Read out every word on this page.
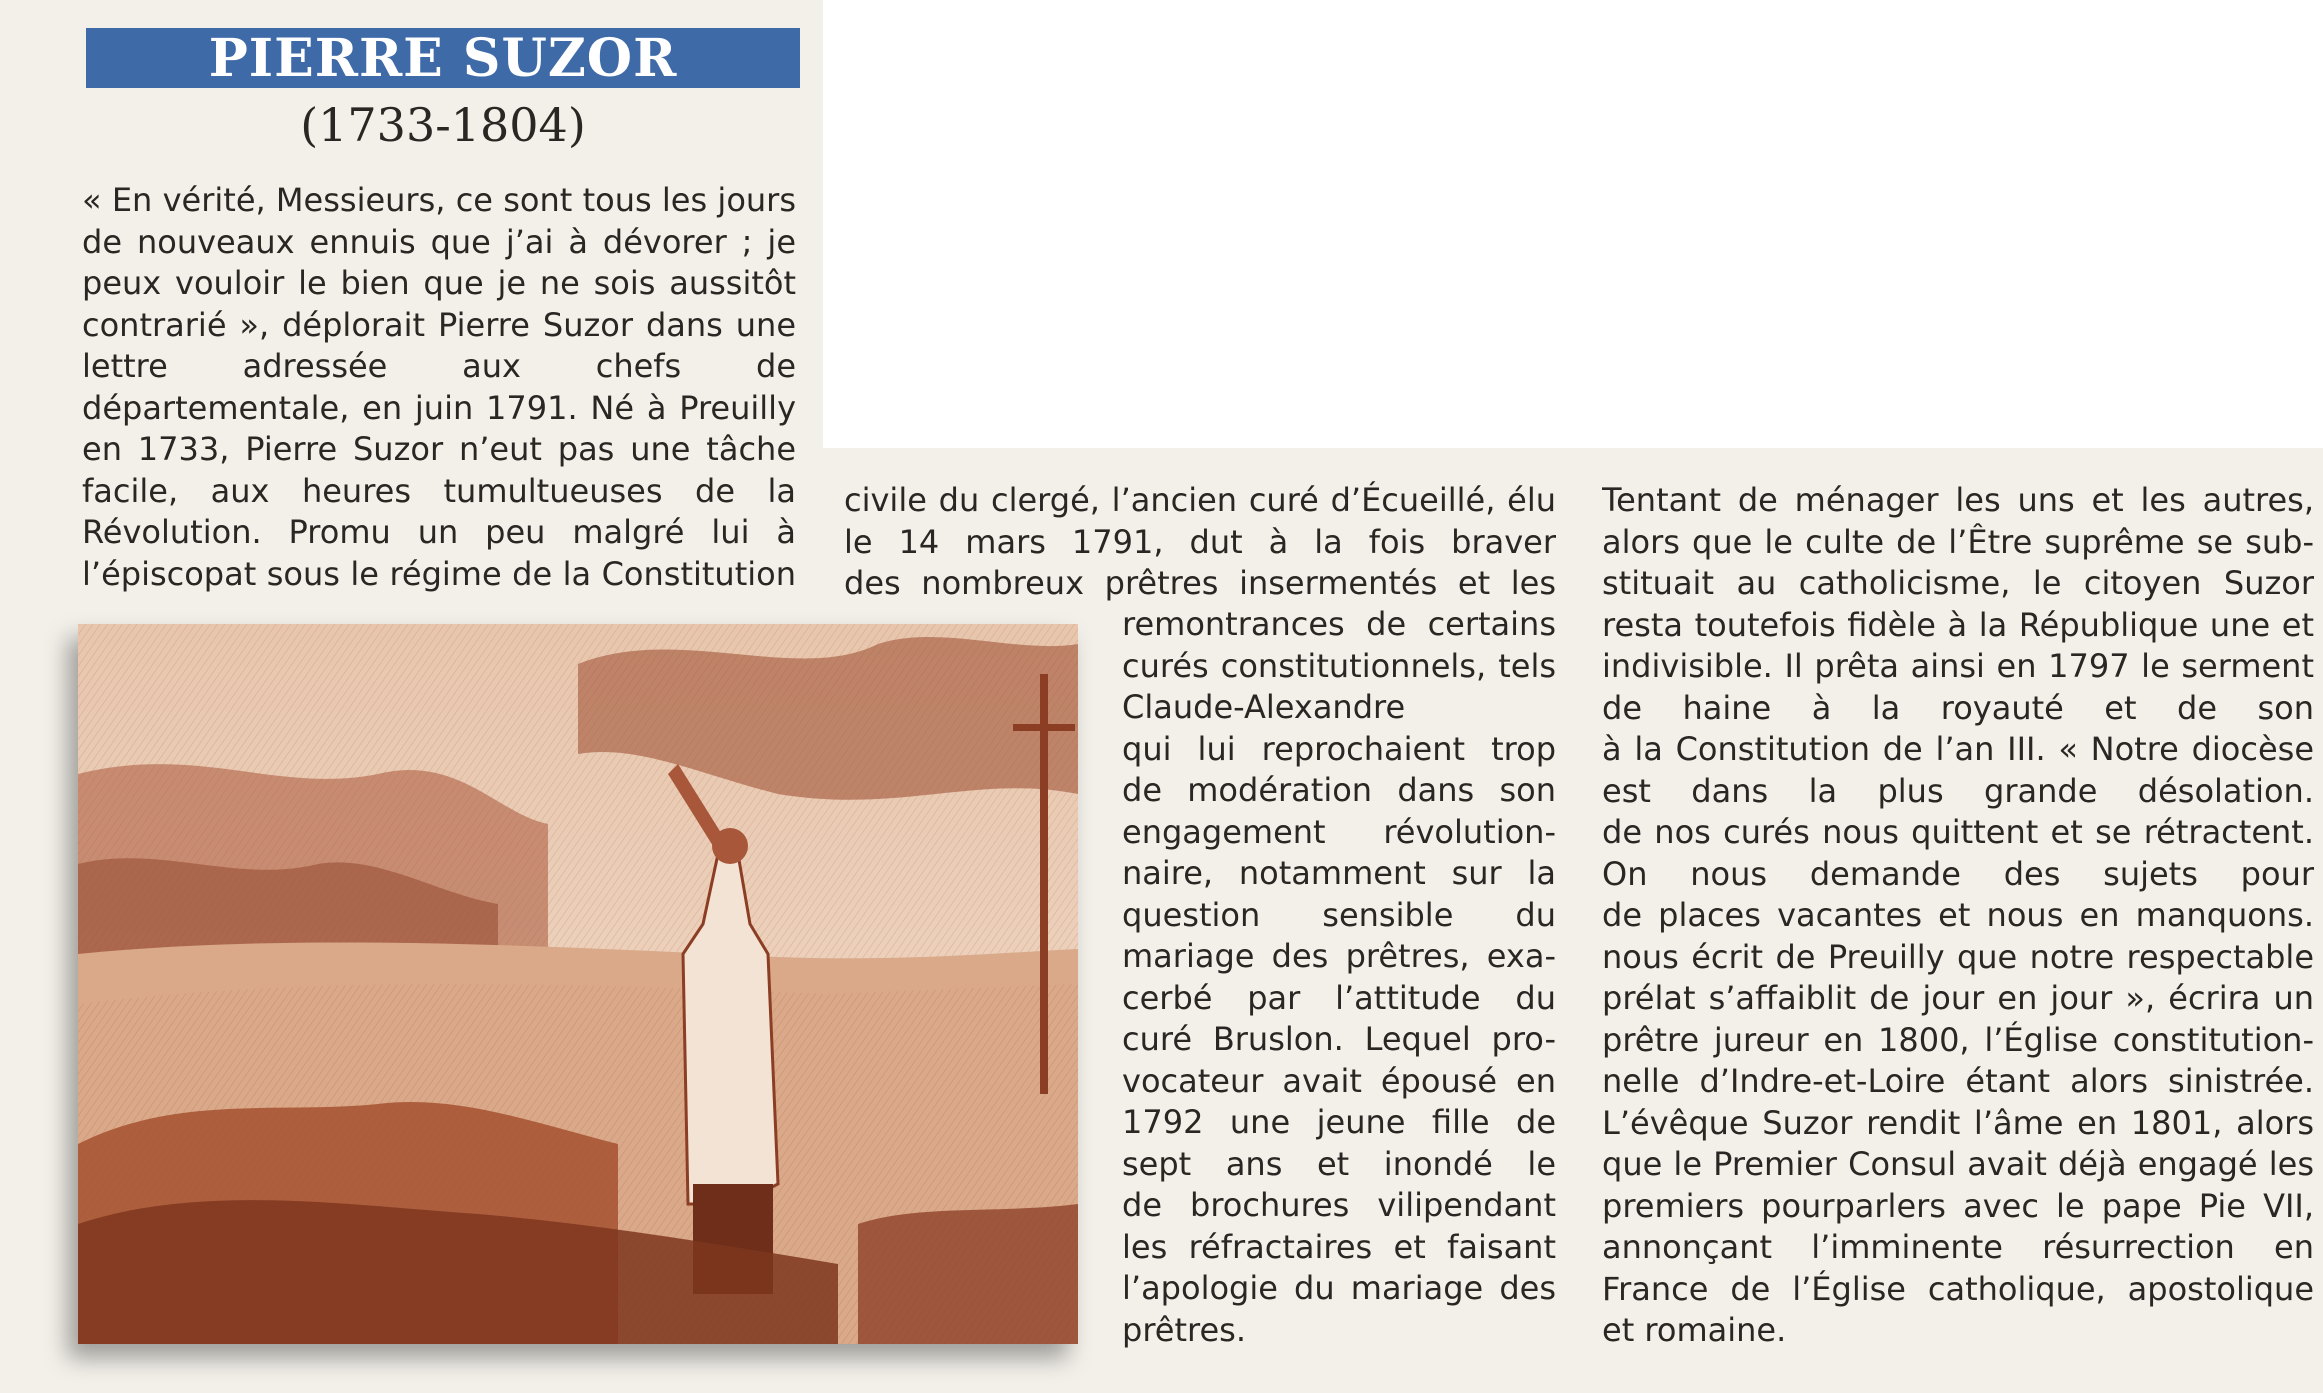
PIERRE SUZOR
(1733-1804)
« En vérité, Messieurs, ce sont tous les jours
de nouveaux ennuis que j’ai à dévorer ; je
peux vouloir le bien que je ne sois aussitôt
contrarié », déplorait Pierre Suzor dans une
lettre adressée aux chefs de
départementale, en juin 1791. Né à Preuilly
en 1733, Pierre Suzor n’eut pas une tâche
facile, aux heures tumultueuses de la
Révolution. Promu un peu malgré lui à
l’épiscopat sous le régime de la Constitution
civile du clergé, l’ancien curé d’Écueillé, élu
le 14 mars 1791, dut à la fois braver
des nombreux prêtres insermentés et les
remontrances de certains
curés constitutionnels, tels
Claude-Alexandre
qui lui reprochaient trop
de modération dans son
engagement révolution-
naire, notamment sur la
question sensible du
mariage des prêtres, exa-
cerbé par l’attitude du
curé Bruslon. Lequel pro-
vocateur avait épousé en
1792 une jeune fille de
sept ans et inondé le
de brochures vilipendant
les réfractaires et faisant
l’apologie du mariage des
prêtres.
Tentant de ménager les uns et les autres,
alors que le culte de l’Être suprême se sub-
stituait au catholicisme, le citoyen Suzor
resta toutefois fidèle à la République une et
indivisible. Il prêta ainsi en 1797 le serment
de haine à la royauté et de son
à la Constitution de l’an III. « Notre diocèse
est dans la plus grande désolation.
de nos curés nous quittent et se rétractent.
On nous demande des sujets pour
de places vacantes et nous en manquons.
nous écrit de Preuilly que notre respectable
prélat s’affaiblit de jour en jour », écrira un
prêtre jureur en 1800, l’Église constitution-
nelle d’Indre-et-Loire étant alors sinistrée.
L’évêque Suzor rendit l’âme en 1801, alors
que le Premier Consul avait déjà engagé les
premiers pourparlers avec le pape Pie VII,
annonçant l’imminente résurrection en
France de l’Église catholique, apostolique
et romaine.
